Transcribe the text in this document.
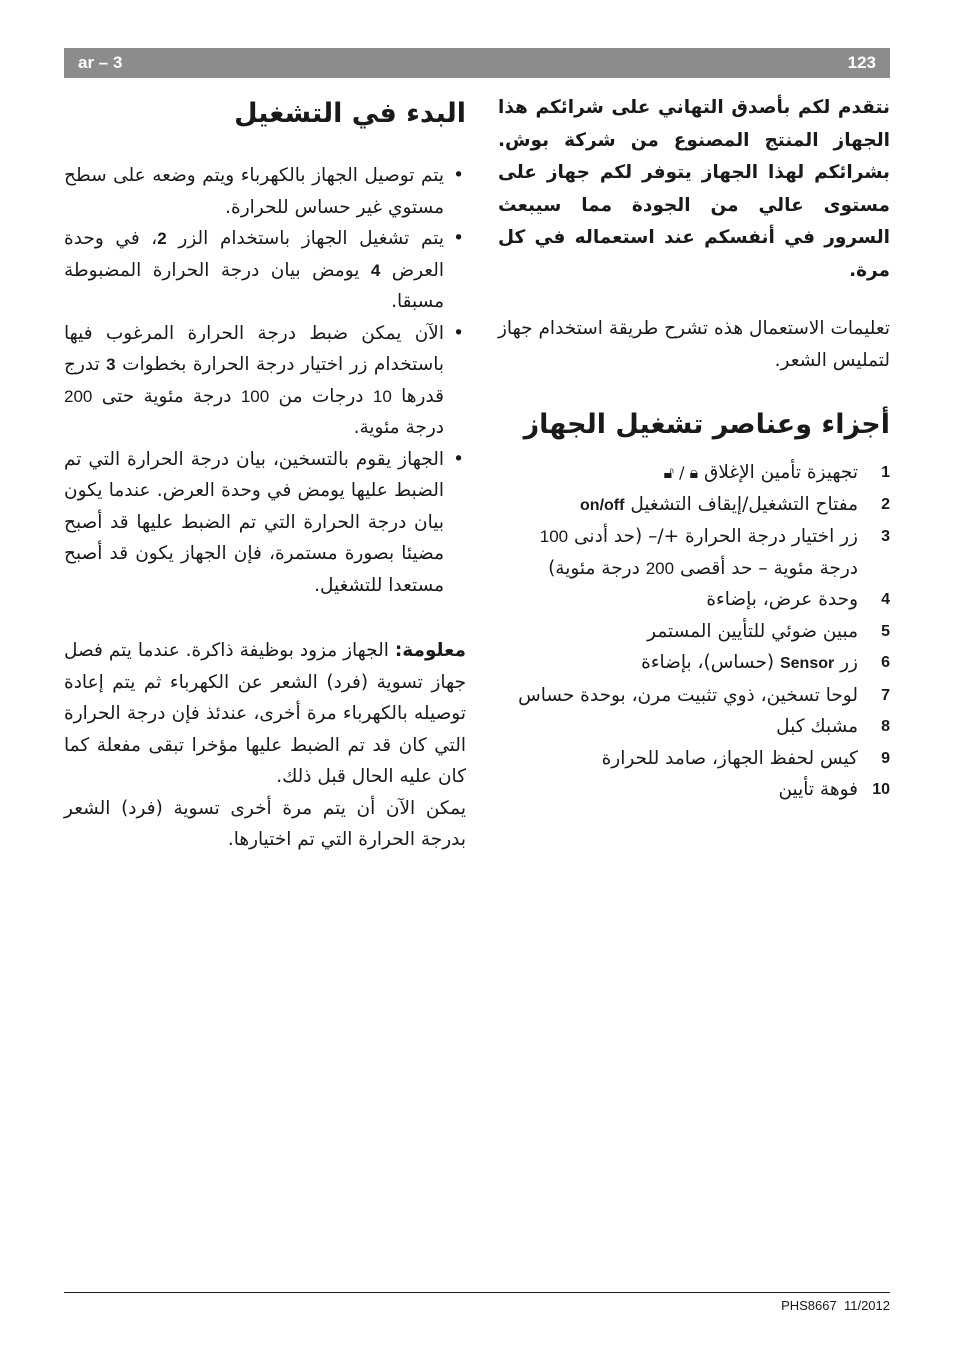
ar – 3	123

نتقدم لكم بأصدق التهاني على شرائكم هذا الجهاز المنتج المصنوع من شركة بوش. بشرائكم لهذا الجهاز يتوفر لكم جهاز على مستوى عالي من الجودة مما سيبعث السرور في أنفسكم عند استعماله في كل مرة.

تعليمات الاستعمال هذه تشرح طريقة استخدام جهاز لتمليس الشعر.

أجزاء وعناصر تشغيل الجهاز
1
تجهيزة تأمين الإغلاق 🔒︎ / 🔓︎
2
مفتاح التشغيل/إيقاف التشغيل on/off
3
زر اختيار درجة الحرارة +/– (حد أدنى 100 درجة مئوية – حد أقصى 200 درجة مئوية)
4
وحدة عرض، بإضاءة
5
مبين ضوئي للتأيين المستمر
6
زر Sensor (حساس)، بإضاءة
7
لوحا تسخين، ذوي تثبيت مرن، بوحدة حساس
8
مشبك كبل
9
كيس لحفظ الجهاز، صامد للحرارة
10
فوهة تأيين
البدء في التشغيل
• يتم توصيل الجهاز بالكهرباء ويتم وضعه على سطح مستوي غير حساس للحرارة.
• يتم تشغيل الجهاز باستخدام الزر 2، في وحدة العرض 4 يومض بيان درجة الحرارة المضبوطة مسبقا.
• الآن يمكن ضبط درجة الحرارة المرغوب فيها باستخدام زر اختيار درجة الحرارة بخطوات 3 تدرج قدرها 10 درجات من 100 درجة مئوية حتى 200 درجة مئوية.
• الجهاز يقوم بالتسخين، بيان درجة الحرارة التي تم الضبط عليها يومض في وحدة العرض. عندما يكون بيان درجة الحرارة التي تم الضبط عليها قد أصبح مضيئا بصورة مستمرة، فإن الجهاز يكون قد أصبح مستعدا للتشغيل.

معلومة: الجهاز مزود بوظيفة ذاكرة. عندما يتم فصل جهاز تسوية (فرد) الشعر عن الكهرباء ثم يتم إعادة توصيله بالكهرباء مرة أخرى، عندئذ فإن درجة الحرارة التي كان قد تم الضبط عليها مؤخرا تبقى مفعلة كما كان عليه الحال قبل ذلك.

يمكن الآن أن يتم مرة أخرى تسوية (فرد) الشعر بدرجة الحرارة التي تم اختيارها.

PHS8667 11/2012
